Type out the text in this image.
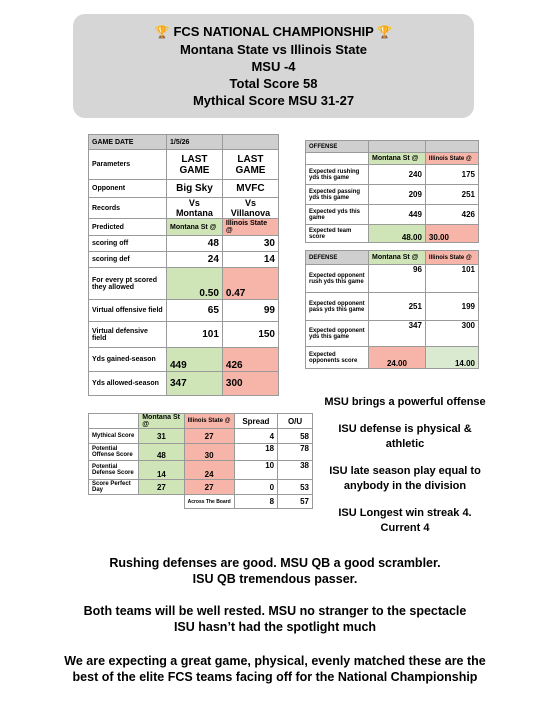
🏆 FCS NATIONAL CHAMPIONSHIP 🏆
Montana State vs Illinois State
MSU -4
Total Score 58
Mythical Score MSU 31-27
GAME DATE	1/5/26	
Parameters	LAST GAME	LAST GAME
Opponent	Big Sky	MVFC
Records	Vs Montana	Vs Villanova
Predicted	Montana St @	Illinois State @
scoring off	48	30
scoring def	24	14
For every pt scored they allowed	0.50	0.47
Virtual offensive field	65	99
Virtual defensive field	101	150
Yds gained-season	449	426
Yds allowed-season	347	300
OFFENSE		
	Montana St @	Illinois State @
Expected rushing yds this game	240	175
Expected passing yds this game	209	251
Expected yds this game	449	426
Expected team score	48.00	30.00
DEFENSE	Montana St @	Illinois State @
Expected opponent rush yds this game	96	101
Expected opponent pass yds this game	251	199
Expected opponent yds this game	347	300
Expected opponents score	24.00	14.00
	Montana St @	Illinois State @	Spread	O/U
Mythical Score	31	27	4	58
Potential Offense Score	48	30	18	78
Potential Defense Score	14	24	10	38
Score Perfect Day	27	27	0	53
		Across The Board	8	57

MSU brings a powerful offense

ISU defense is physical & athletic

ISU late season play equal to anybody in the division

ISU Longest win streak 4. Current 4

Rushing defenses are good. MSU QB a good scrambler.
ISU QB tremendous passer.
Both teams will be well rested. MSU no stranger to the spectacle
ISU hasn’t had the spotlight much
We are expecting a great game, physical, evenly matched these are the
best of the elite FCS teams facing off for the National Championship
